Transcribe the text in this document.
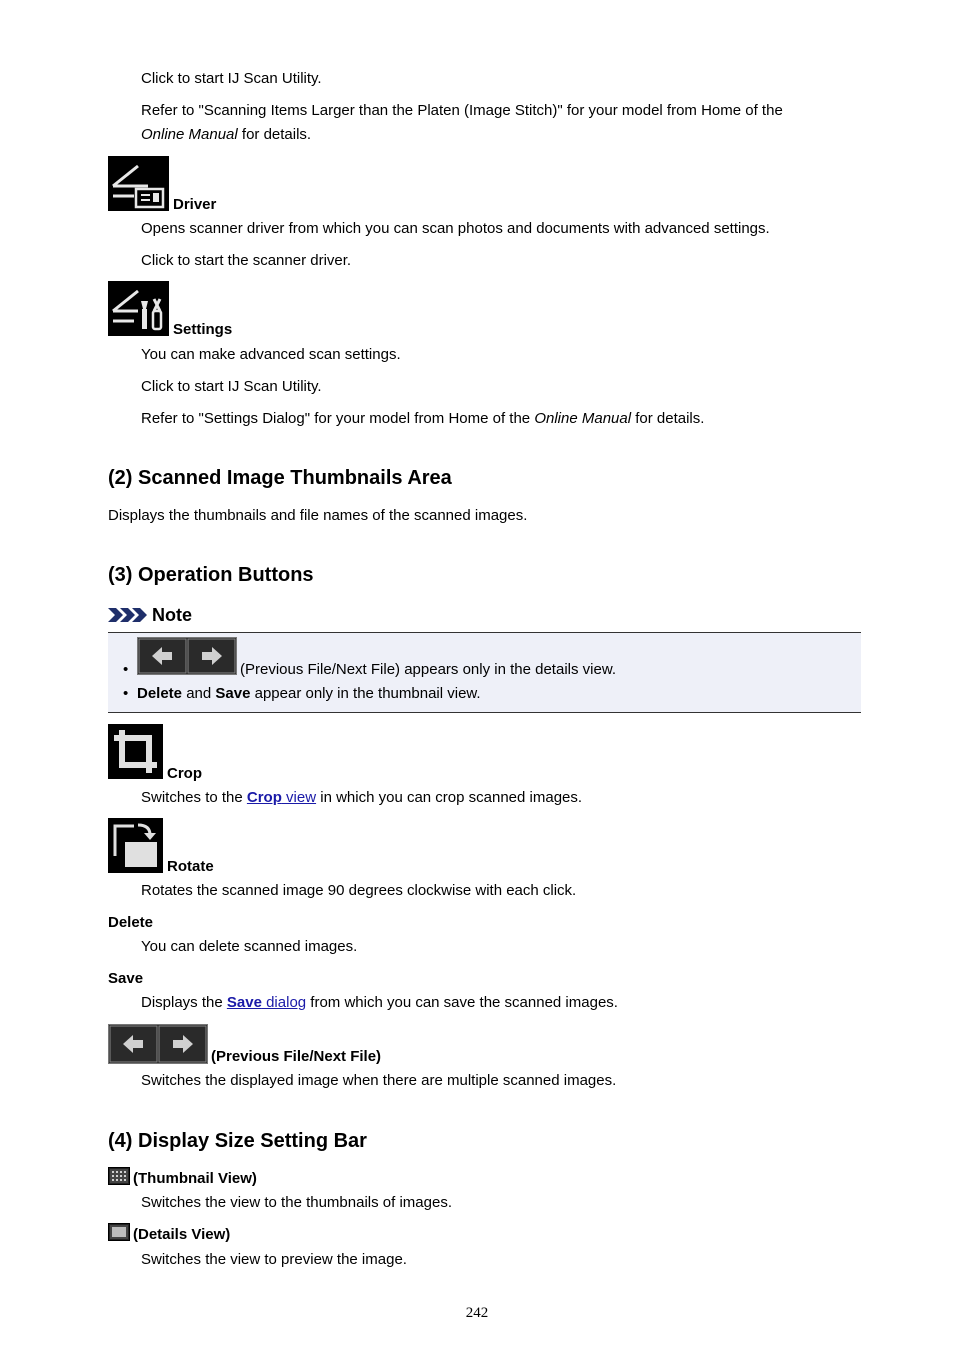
Click to start IJ Scan Utility.
Refer to "Scanning Items Larger than the Platen (Image Stitch)" for your model from Home of the
Online Manual for details.
Driver
Opens scanner driver from which you can scan photos and documents with advanced settings.
Click to start the scanner driver.
Settings
You can make advanced scan settings.
Click to start IJ Scan Utility.
Refer to "Settings Dialog" for your model from Home of the Online Manual for details.
(2) Scanned Image Thumbnails Area
Displays the thumbnails and file names of the scanned images.
(3) Operation Buttons
Note
•	(Previous File/Next File) appears only in the details view.
• Delete and Save appear only in the thumbnail view.
Crop
Switches to the Crop view in which you can crop scanned images.
Rotate
Rotates the scanned image 90 degrees clockwise with each click.
Delete
You can delete scanned images.
Save
Displays the Save dialog from which you can save the scanned images.
(Previous File/Next File)
Switches the displayed image when there are multiple scanned images.
(4) Display Size Setting Bar
(Thumbnail View)
Switches the view to the thumbnails of images.
(Details View)
Switches the view to preview the image.
242
